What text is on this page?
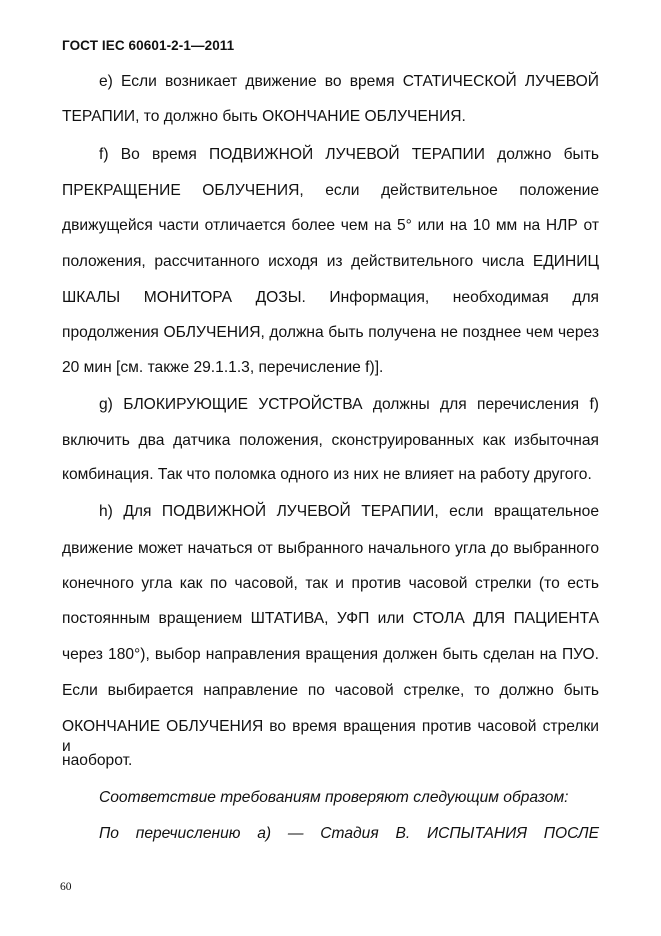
ГОСТ IEC 60601-2-1—2011
e) Если возникает движение во время СТАТИЧЕСКОЙ ЛУЧЕВОЙ
ТЕРАПИИ, то должно быть ОКОНЧАНИЕ ОБЛУЧЕНИЯ.
f) Во время ПОДВИЖНОЙ ЛУЧЕВОЙ ТЕРАПИИ должно быть
ПРЕКРАЩЕНИЕ ОБЛУЧЕНИЯ, если действительное положение
движущейся части отличается более чем на 5° или на 10 мм на НЛР от
положения, рассчитанного исходя из действительного числа ЕДИНИЦ
ШКАЛЫ МОНИТОРА ДОЗЫ. Информация, необходимая для
продолжения ОБЛУЧЕНИЯ, должна быть получена не позднее чем через
20 мин [см. также 29.1.1.3, перечисление f)].
g) БЛОКИРУЮЩИЕ УСТРОЙСТВА должны для перечисления f)
включить два датчика положения, сконструированных как избыточная
комбинация. Так что поломка одного из них не влияет на работу другого.
h) Для ПОДВИЖНОЙ ЛУЧЕВОЙ ТЕРАПИИ, если вращательное
движение может начаться от выбранного начального угла до выбранного
конечного угла как по часовой, так и против часовой стрелки (то есть
постоянным вращением ШТАТИВА, УФП или СТОЛА ДЛЯ ПАЦИЕНТА
через 180°), выбор направления вращения должен быть сделан на ПУО.
Если выбирается направление по часовой стрелке, то должно быть
ОКОНЧАНИЕ ОБЛУЧЕНИЯ во время вращения против часовой стрелки и
наоборот.
Соответствие требованиям проверяют следующим образом:
По перечислению а) — Стадия В. ИСПЫТАНИЯ ПОСЛЕ
60
